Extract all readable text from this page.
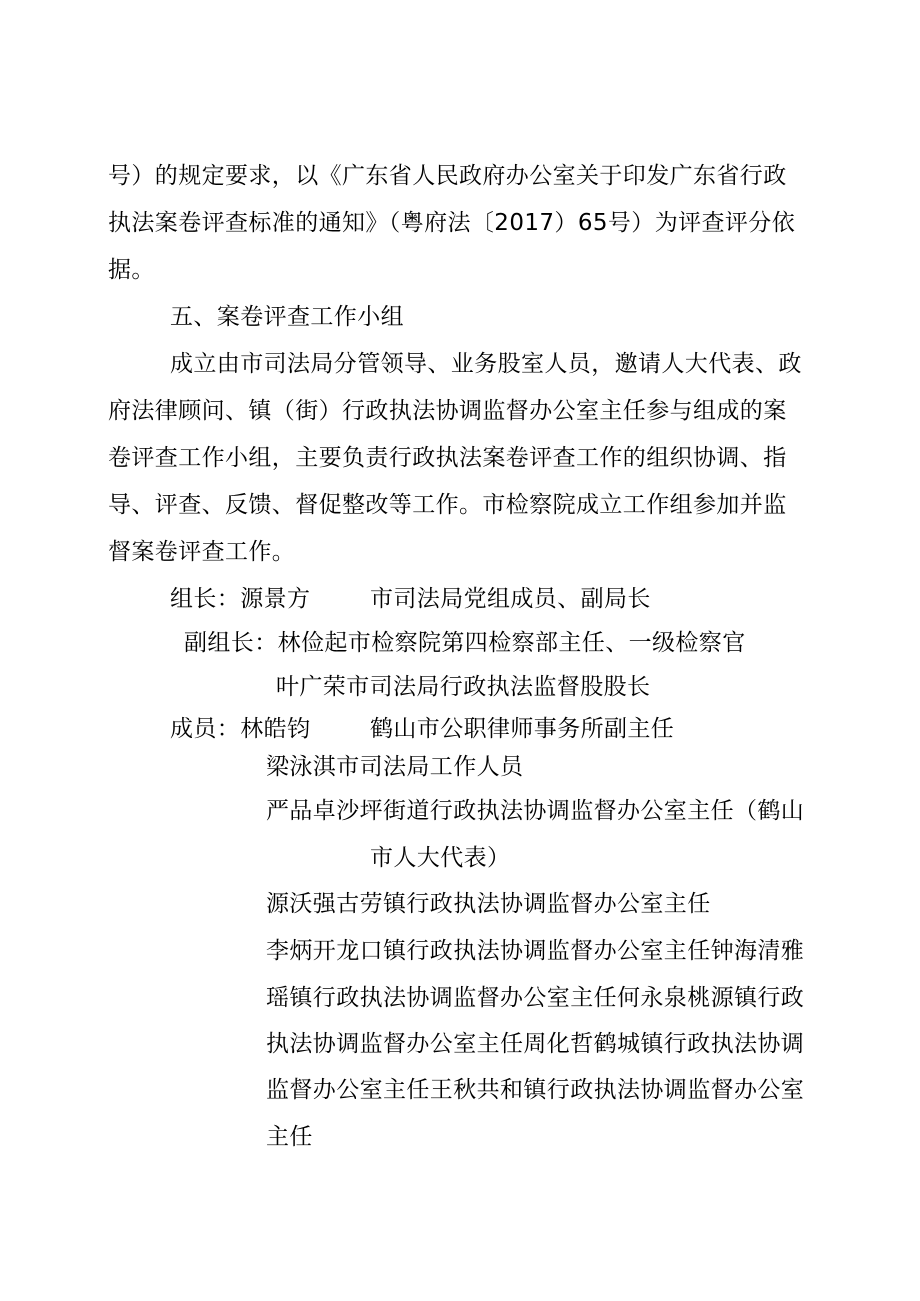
号）的规定要求，以《广东省人民政府办公室关于印发广东省行政
执法案卷评查标准的通知》（粤府法〔2017）65号）为评查评分依
据。
五、案卷评查工作小组
成立由市司法局分管领导、业务股室人员，邀请人大代表、政
府法律顾问、镇（街）行政执法协调监督办公室主任参与组成的案
卷评查工作小组，主要负责行政执法案卷评查工作的组织协调、指
导、评查、反馈、督促整改等工作。市检察院成立工作组参加并监
督案卷评查工作。
组长：源景方	市司法局党组成员、副局长
副组长：林俭起市检察院第四检察部主任、一级检察官
叶广荣市司法局行政执法监督股股长
成员：林皓钧	鹤山市公职律师事务所副主任
梁泳淇市司法局工作人员
严品卓沙坪街道行政执法协调监督办公室主任（鹤山
市人大代表）
源沃强古劳镇行政执法协调监督办公室主任
李炳开龙口镇行政执法协调监督办公室主任钟海清雅
瑶镇行政执法协调监督办公室主任何永泉桃源镇行政
执法协调监督办公室主任周化哲鹤城镇行政执法协调
监督办公室主任王秋共和镇行政执法协调监督办公室
主任
